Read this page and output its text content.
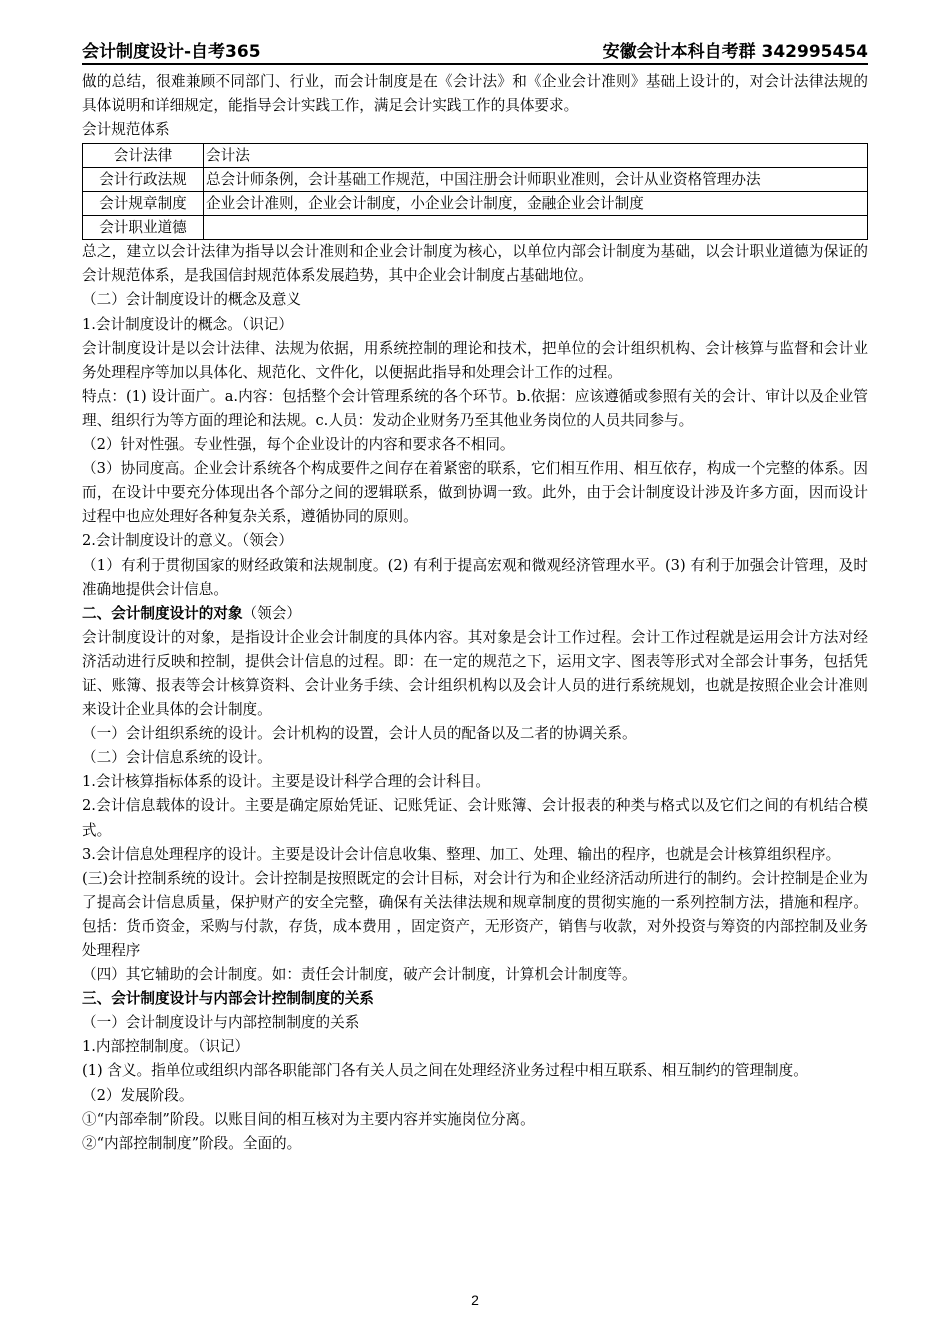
会计制度设计-自考365	安徽会计本科自考群 342995454

做的总结，很难兼顾不同部门、行业，而会计制度是在《会计法》和《企业会计准则》基础上设计的，对会计法律法规的具体说明和详细规定，能指导会计实践工作，满足会计实践工作的具体要求。

会计规范体系

会计法律	会计法
会计行政法规	总会计师条例，会计基础工作规范，中国注册会计师职业准则，会计从业资格管理办法
会计规章制度	企业会计准则，企业会计制度，小企业会计制度，金融企业会计制度
会计职业道德	

总之，建立以会计法律为指导以会计准则和企业会计制度为核心，以单位内部会计制度为基础，以会计职业道德为保证的会计规范体系，是我国信封规范体系发展趋势，其中企业会计制度占基础地位。

（二）会计制度设计的概念及意义

1.会计制度设计的概念。（识记）

会计制度设计是以会计法律、法规为依据，用系统控制的理论和技术，把单位的会计组织机构、会计核算与监督和会计业务处理程序等加以具体化、规范化、文件化，以便据此指导和处理会计工作的过程。

特点：(1) 设计面广。a.内容：包括整个会计管理系统的各个环节。b.依据：应该遵循或参照有关的会计、审计以及企业管理、组织行为等方面的理论和法规。c.人员：发动企业财务乃至其他业务岗位的人员共同参与。

（2）针对性强。专业性强，每个企业设计的内容和要求各不相同。

（3）协同度高。企业会计系统各个构成要件之间存在着紧密的联系，它们相互作用、相互依存，构成一个完整的体系。因而，在设计中要充分体现出各个部分之间的逻辑联系，做到协调一致。此外，由于会计制度设计涉及许多方面，因而设计过程中也应处理好各种复杂关系，遵循协同的原则。

2.会计制度设计的意义。（领会）

（1）有利于贯彻国家的财经政策和法规制度。(2) 有利于提高宏观和微观经济管理水平。(3) 有利于加强会计管理，及时准确地提供会计信息。

二、会计制度设计的对象（领会）

会计制度设计的对象，是指设计企业会计制度的具体内容。其对象是会计工作过程。会计工作过程就是运用会计方法对经济活动进行反映和控制，提供会计信息的过程。即：在一定的规范之下，运用文字、图表等形式对全部会计事务，包括凭证、账簿、报表等会计核算资料、会计业务手续、会计组织机构以及会计人员的进行系统规划，也就是按照企业会计准则来设计企业具体的会计制度。

（一）会计组织系统的设计。会计机构的设置，会计人员的配备以及二者的协调关系。

（二）会计信息系统的设计。

1.会计核算指标体系的设计。主要是设计科学合理的会计科目。

2.会计信息载体的设计。主要是确定原始凭证、记账凭证、会计账簿、会计报表的种类与格式以及它们之间的有机结合模式。

3.会计信息处理程序的设计。主要是设计会计信息收集、整理、加工、处理、输出的程序，也就是会计核算组织程序。

(三)会计控制系统的设计。会计控制是按照既定的会计目标，对会计行为和企业经济活动所进行的制约。会计控制是企业为了提高会计信息质量，保护财产的安全完整，确保有关法律法规和规章制度的贯彻实施的一系列控制方法，措施和程序。包括：货币资金，采购与付款，存货，成本费用 ，固定资产，无形资产，销售与收款，对外投资与筹资的内部控制及业务处理程序

（四）其它辅助的会计制度。如：责任会计制度，破产会计制度，计算机会计制度等。

三、会计制度设计与内部会计控制制度的关系

（一）会计制度设计与内部控制制度的关系

1.内部控制制度。（识记）

(1) 含义。指单位或组织内部各职能部门各有关人员之间在处理经济业务过程中相互联系、相互制约的管理制度。

（2）发展阶段。

①“内部牵制”阶段。以账目间的相互核对为主要内容并实施岗位分离。

②“内部控制制度”阶段。全面的。

2
